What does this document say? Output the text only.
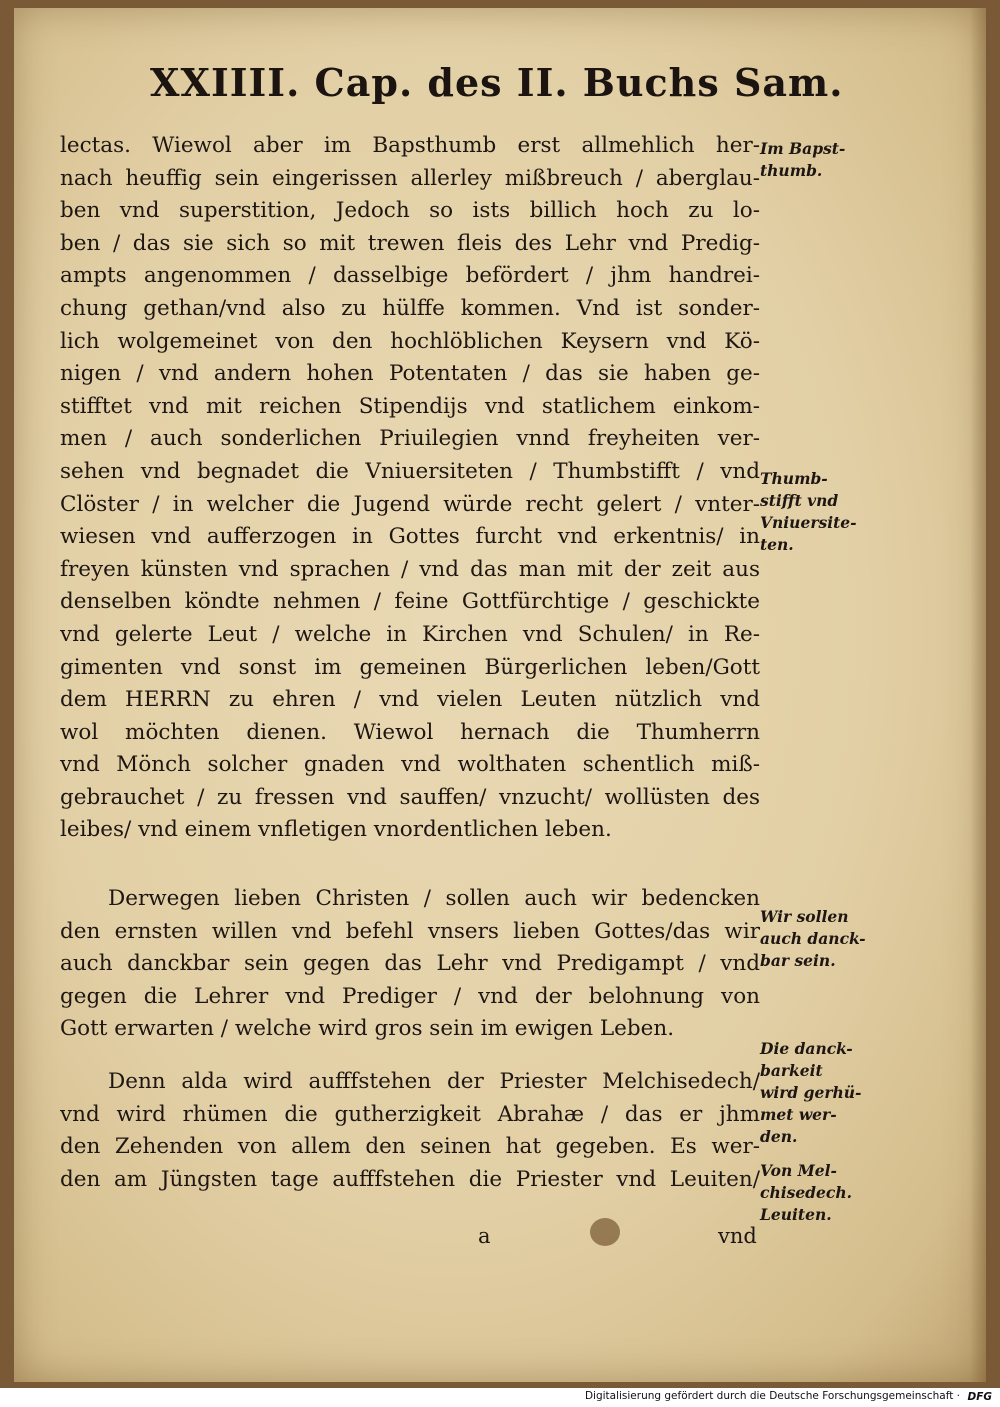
XXIIII. Cap. des II. Buchs Sam.
lectas. Wiewol aber im Bapsthumb erst allmehlich her-
nach heuffig sein eingerissen allerley mißbreuch / aberglau-
ben vnd superstition, Jedoch so ists billich hoch zu lo-
ben / das sie sich so mit trewen fleis des Lehr vnd Predig-
ampts angenommen / dasselbige befördert / jhm handrei-
chung gethan/vnd also zu hülffe kommen. Vnd ist sonder-
lich wolgemeinet von den hochlöblichen Keysern vnd Kö-
nigen / vnd andern hohen Potentaten / das sie haben ge-
stifftet vnd mit reichen Stipendijs vnd statlichem einkom-
men / auch sonderlichen Priuilegien vnnd freyheiten ver-
sehen vnd begnadet die Vniuersiteten / Thumbstifft / vnd
Clöster / in welcher die Jugend würde recht gelert / vnter-
wiesen vnd aufferzogen in Gottes furcht vnd erkentnis/ in
freyen künsten vnd sprachen / vnd das man mit der zeit aus
denselben köndte nehmen / feine Gottfürchtige / geschickte
vnd gelerte Leut / welche in Kirchen vnd Schulen/ in Re-
gimenten vnd sonst im gemeinen Bürgerlichen leben/Gott
dem HERRN zu ehren / vnd vielen Leuten nützlich vnd
wol möchten dienen. Wiewol hernach die Thumherrn
vnd Mönch solcher gnaden vnd wolthaten schentlich miß-
gebrauchet / zu fressen vnd sauffen/ vnzucht/ wollüsten des
leibes/ vnd einem vnfletigen vnordentlichen leben.
Derwegen lieben Christen / sollen auch wir bedencken
den ernsten willen vnd befehl vnsers lieben Gottes/das wir
auch danckbar sein gegen das Lehr vnd Predigampt / vnd
gegen die Lehrer vnd Prediger / vnd der belohnung von
Gott erwarten / welche wird gros sein im ewigen Leben.
Denn alda wird aufffstehen der Priester Melchisedech/
vnd wird rhümen die gutherzigkeit Abrahæ / das er jhm
den Zehenden von allem den seinen hat gegeben. Es wer-
den am Jüngsten tage aufffstehen die Priester vnd Leuiten/
Im Bapst-
thumb.
Thumb-
stifft vnd
Vniuersite-
ten.
Wir sollen
auch danck-
bar sein.
Die danck-
barkeit
wird gerhü-
met wer-
den.
Von Mel-
chisedech.
Leuiten.
a	vnd
Digitalisierung gefördert durch die Deutsche Forschungsgemeinschaft · DFG
